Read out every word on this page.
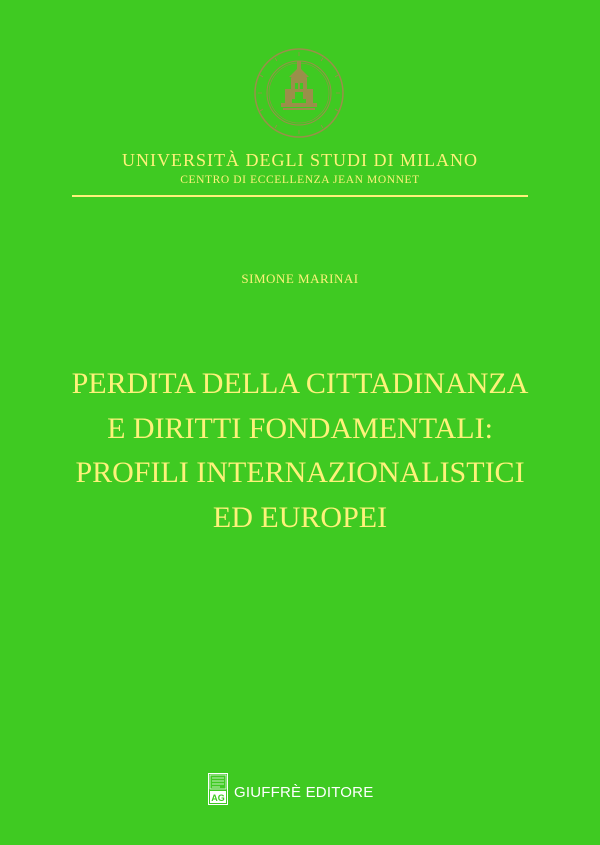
UNIVERSITÀ DEGLI STUDI DI MILANO
CENTRO DI ECCELLENZA JEAN MONNET
SIMONE MARINAI
PERDITA DELLA CITTADINANZA
E DIRITTI FONDAMENTALI:
PROFILI INTERNAZIONALISTICI
ED EUROPEI
AG GIUFFRÈ EDITORE
